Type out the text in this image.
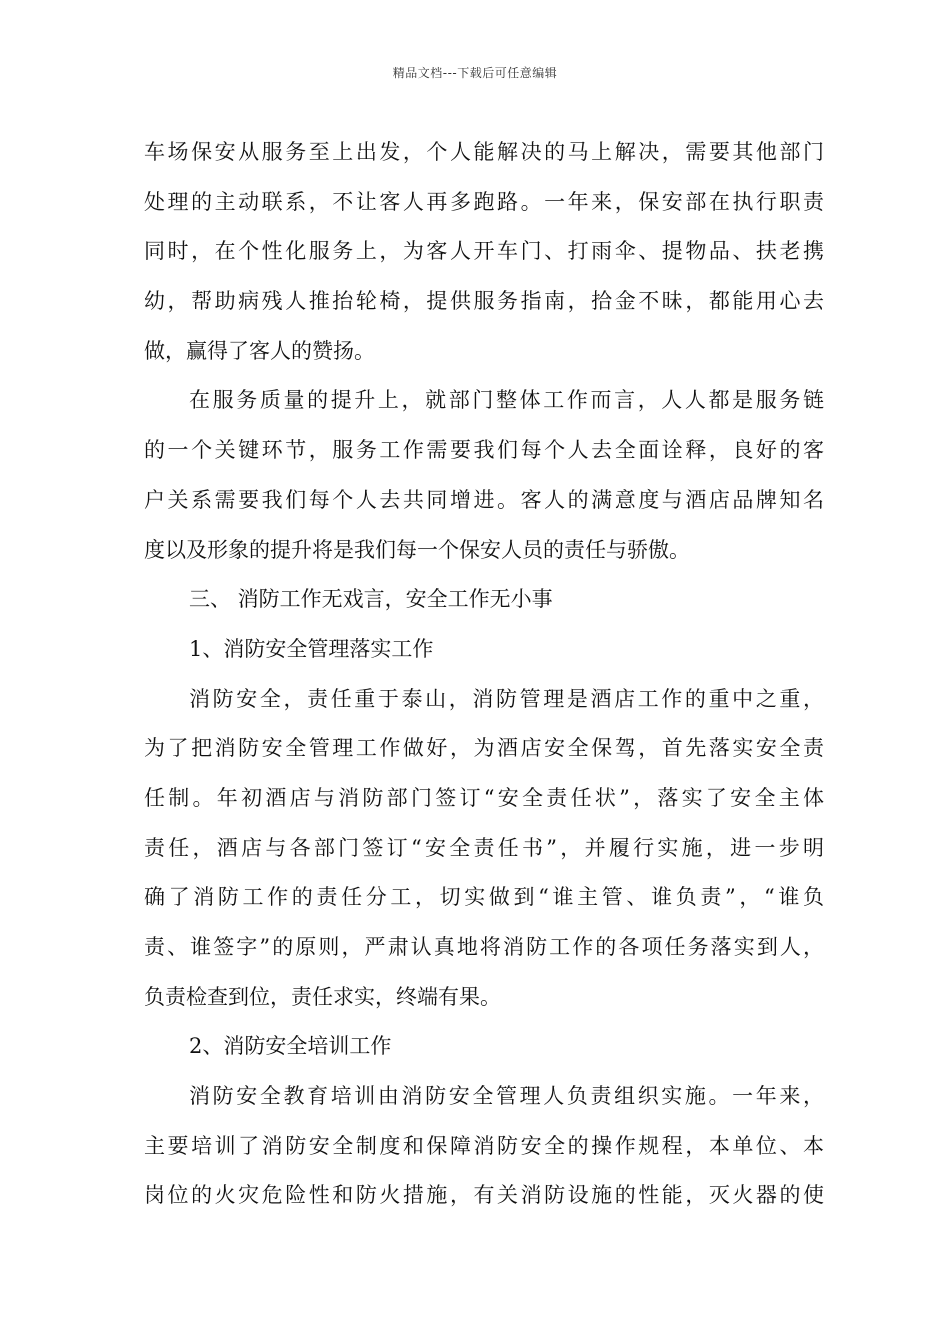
精品文档---下载后可任意编辑
车场保安从服务至上出发，个人能解决的马上解决，需要其他部门
处理的主动联系，不让客人再多跑路。一年来，保安部在执行职责
同时，在个性化服务上，为客人开车门、打雨伞、提物品、扶老携
幼，帮助病残人推抬轮椅，提供服务指南，拾金不昧，都能用心去
做，赢得了客人的赞扬。
在服务质量的提升上，就部门整体工作而言，人人都是服务链
的一个关键环节，服务工作需要我们每个人去全面诠释，良好的客
户关系需要我们每个人去共同增进。客人的满意度与酒店品牌知名
度以及形象的提升将是我们每一个保安人员的责任与骄傲。
三、 消防工作无戏言，安全工作无小事
1、消防安全管理落实工作
消防安全，责任重于泰山，消防管理是酒店工作的重中之重，
为了把消防安全管理工作做好，为酒店安全保驾，首先落实安全责
任制。年初酒店与消防部门签订“安全责任状”，落实了安全主体
责任，酒店与各部门签订“安全责任书”，并履行实施，进一步明
确了消防工作的责任分工，切实做到“谁主管、谁负责”，“谁负
责、谁签字”的原则，严肃认真地将消防工作的各项任务落实到人，
负责检查到位，责任求实，终端有果。
2、消防安全培训工作
消防安全教育培训由消防安全管理人负责组织实施。一年来，
主要培训了消防安全制度和保障消防安全的操作规程，本单位、本
岗位的火灾危险性和防火措施，有关消防设施的性能，灭火器的使
